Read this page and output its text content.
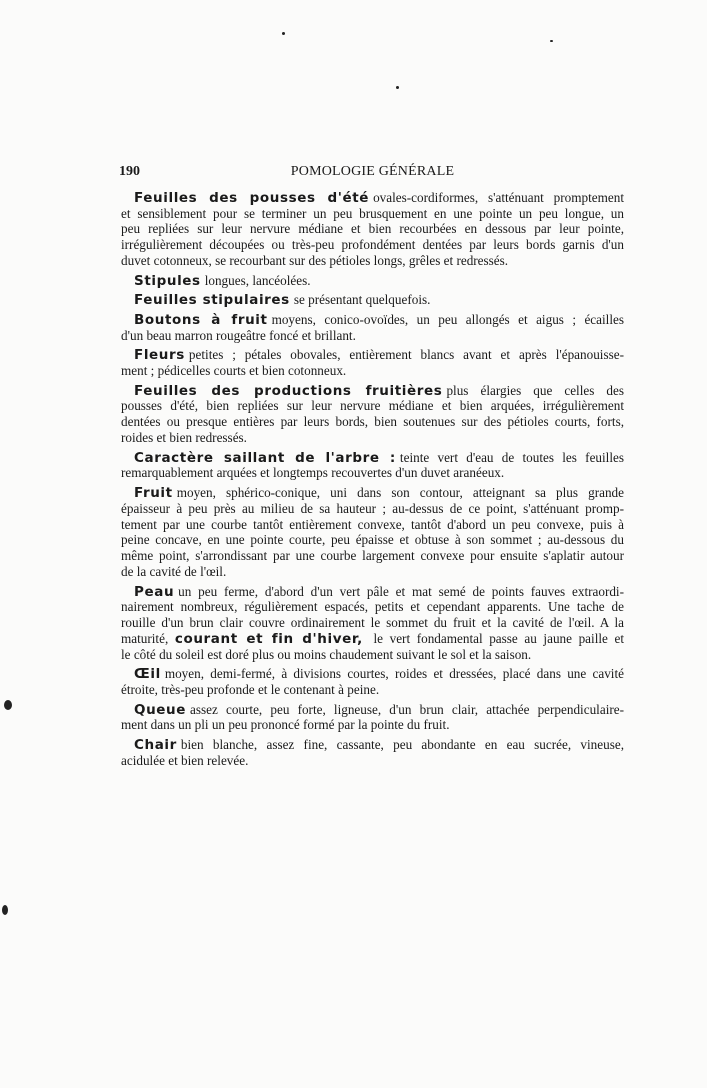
190	POMOLOGIE GÉNÉRALE
Feuilles des pousses d'été ovales-cordiformes, s'atténuant promptement
et sensiblement pour se terminer un peu brusquement en une pointe un peu longue, un
peu repliées sur leur nervure médiane et bien recourbées en dessous par leur pointe,
irrégulièrement découpées ou très-peu profondément dentées par leurs bords garnis d'un
duvet cotonneux, se recourbant sur des pétioles longs, grêles et redressés.
Stipules longues, lancéolées.
Feuilles stipulaires se présentant quelquefois.
Boutons à fruit moyens, conico-ovoïdes, un peu allongés et aigus ; écailles
d'un beau marron rougeâtre foncé et brillant.
Fleurs petites ; pétales obovales, entièrement blancs avant et après l'épanouisse-
ment ; pédicelles courts et bien cotonneux.
Feuilles des productions fruitières plus élargies que celles des
pousses d'été, bien repliées sur leur nervure médiane et bien arquées, irrégulièrement
dentées ou presque entières par leurs bords, bien soutenues sur des pétioles courts, forts,
roides et bien redressés.
Caractère saillant de l'arbre : teinte vert d'eau de toutes les feuilles
remarquablement arquées et longtemps recouvertes d'un duvet aranéeux.
Fruit moyen, sphérico-conique, uni dans son contour, atteignant sa plus grande
épaisseur à peu près au milieu de sa hauteur ; au-dessus de ce point, s'atténuant promp-
tement par une courbe tantôt entièrement convexe, tantôt d'abord un peu convexe, puis à
peine concave, en une pointe courte, peu épaisse et obtuse à son sommet ; au-dessous du
même point, s'arrondissant par une courbe largement convexe pour ensuite s'aplatir autour
de la cavité de l'œil.
Peau un peu ferme, d'abord d'un vert pâle et mat semé de points fauves extraordi-
nairement nombreux, régulièrement espacés, petits et cependant apparents. Une tache de
rouille d'un brun clair couvre ordinairement le sommet du fruit et la cavité de l'œil. A la
maturité, courant et fin d'hiver, le vert fondamental passe au jaune paille et
le côté du soleil est doré plus ou moins chaudement suivant le sol et la saison.
Œil moyen, demi-fermé, à divisions courtes, roides et dressées, placé dans une cavité
étroite, très-peu profonde et le contenant à peine.
Queue assez courte, peu forte, ligneuse, d'un brun clair, attachée perpendiculaire-
ment dans un pli un peu prononcé formé par la pointe du fruit.
Chair bien blanche, assez fine, cassante, peu abondante en eau sucrée, vineuse,
acidulée et bien relevée.
